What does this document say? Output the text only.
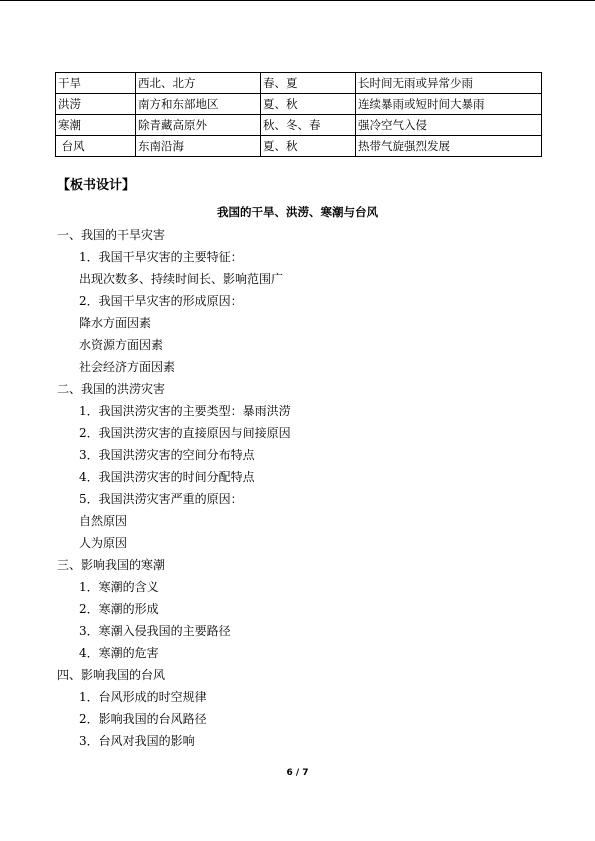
干旱	西北、北方	春、夏	长时间无雨或异常少雨
洪涝	南方和东部地区	夏、秋	连续暴雨或短时间大暴雨
寒潮	除青藏高原外	秋、冬、春	强冷空气入侵
台风	东南沿海	夏、秋	热带气旋强烈发展
【板书设计】
我国的干旱、洪涝、寒潮与台风
一、我国的干旱灾害
1．我国干旱灾害的主要特征：
出现次数多、持续时间长、影响范围广
2．我国干旱灾害的形成原因：
降水方面因素
水资源方面因素
社会经济方面因素
二、我国的洪涝灾害
1．我国洪涝灾害的主要类型：暴雨洪涝
2．我国洪涝灾害的直接原因与间接原因
3．我国洪涝灾害的空间分布特点
4．我国洪涝灾害的时间分配特点
5．我国洪涝灾害严重的原因：
自然原因
人为原因
三、影响我国的寒潮
1．寒潮的含义
2．寒潮的形成
3．寒潮入侵我国的主要路径
4．寒潮的危害
四、影响我国的台风
1．台风形成的时空规律
2．影响我国的台风路径
3．台风对我国的影响
6 / 7
